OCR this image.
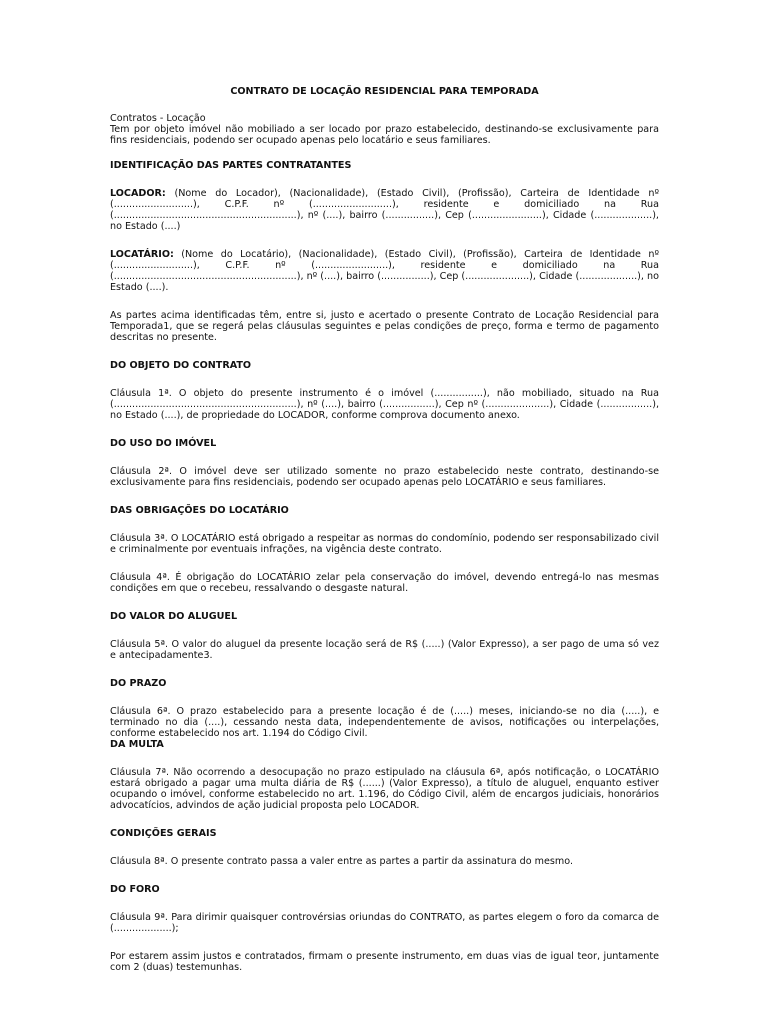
CONTRATO DE LOCAÇÃO RESIDENCIAL PARA TEMPORADA

Contratos - Locação

Tem por objeto imóvel não mobiliado a ser locado por prazo estabelecido, destinando-se exclusivamente para fins residenciais, podendo ser ocupado apenas pelo locatário e seus familiares.

IDENTIFICAÇÃO DAS PARTES CONTRATANTES

LOCADOR: (Nome do Locador), (Nacionalidade), (Estado Civil), (Profissão), Carteira de Identidade nº (..........................), C.P.F. nº (..........................), residente e domiciliado na Rua (............................................................), nº (....), bairro (................), Cep (.......................), Cidade (...................), no Estado (....)

LOCATÁRIO: (Nome do Locatário), (Nacionalidade), (Estado Civil), (Profissão), Carteira de Identidade nº (..........................), C.P.F. nº (........................), residente e domiciliado na Rua (............................................................), nº (....), bairro (................), Cep (.....................), Cidade (...................), no Estado (....).

As partes acima identificadas têm, entre si, justo e acertado o presente Contrato de Locação Residencial para Temporada1, que se regerá pelas cláusulas seguintes e pelas condições de preço, forma e termo de pagamento descritas no presente.

DO OBJETO DO CONTRATO

Cláusula 1ª. O objeto do presente instrumento é o imóvel (................), não mobiliado, situado na Rua (............................................................), nº (....), bairro (.................), Cep nº (.....................), Cidade (.................), no Estado (....), de propriedade do LOCADOR, conforme comprova documento anexo.

DO USO DO IMÓVEL

Cláusula 2ª. O imóvel deve ser utilizado somente no prazo estabelecido neste contrato, destinando-se exclusivamente para fins residenciais, podendo ser ocupado apenas pelo LOCATÁRIO e seus familiares.

DAS OBRIGAÇÕES DO LOCATÁRIO

Cláusula 3ª. O LOCATÁRIO está obrigado a respeitar as normas do condomínio, podendo ser responsabilizado civil e criminalmente por eventuais infrações, na vigência deste contrato.

Cláusula 4ª. É obrigação do LOCATÁRIO zelar pela conservação do imóvel, devendo entregá-lo nas mesmas condições em que o recebeu, ressalvando o desgaste natural.

DO VALOR DO ALUGUEL

Cláusula 5ª. O valor do aluguel da presente locação será de R$ (.....) (Valor Expresso), a ser pago de uma só vez e antecipadamente3.

DO PRAZO

Cláusula 6ª. O prazo estabelecido para a presente locação é de (.....) meses, iniciando-se no dia (.....), e terminado no dia (....), cessando nesta data, independentemente de avisos, notificações ou interpelações, conforme estabelecido nos art. 1.194 do Código Civil.

DA MULTA

Cláusula 7ª. Não ocorrendo a desocupação no prazo estipulado na cláusula 6ª, após notificação, o LOCATÁRIO estará obrigado a pagar uma multa diária de R$ (......) (Valor Expresso), a título de aluguel, enquanto estiver ocupando o imóvel, conforme estabelecido no art. 1.196, do Código Civil, além de encargos judiciais, honorários advocatícios, advindos de ação judicial proposta pelo LOCADOR.

CONDIÇÕES GERAIS

Cláusula 8ª. O presente contrato passa a valer entre as partes a partir da assinatura do mesmo.

DO FORO

Cláusula 9ª. Para dirimir quaisquer controvérsias oriundas do CONTRATO, as partes elegem o foro da comarca de (...................);

Por estarem assim justos e contratados, firmam o presente instrumento, em duas vias de igual teor, juntamente com 2 (duas) testemunhas.
